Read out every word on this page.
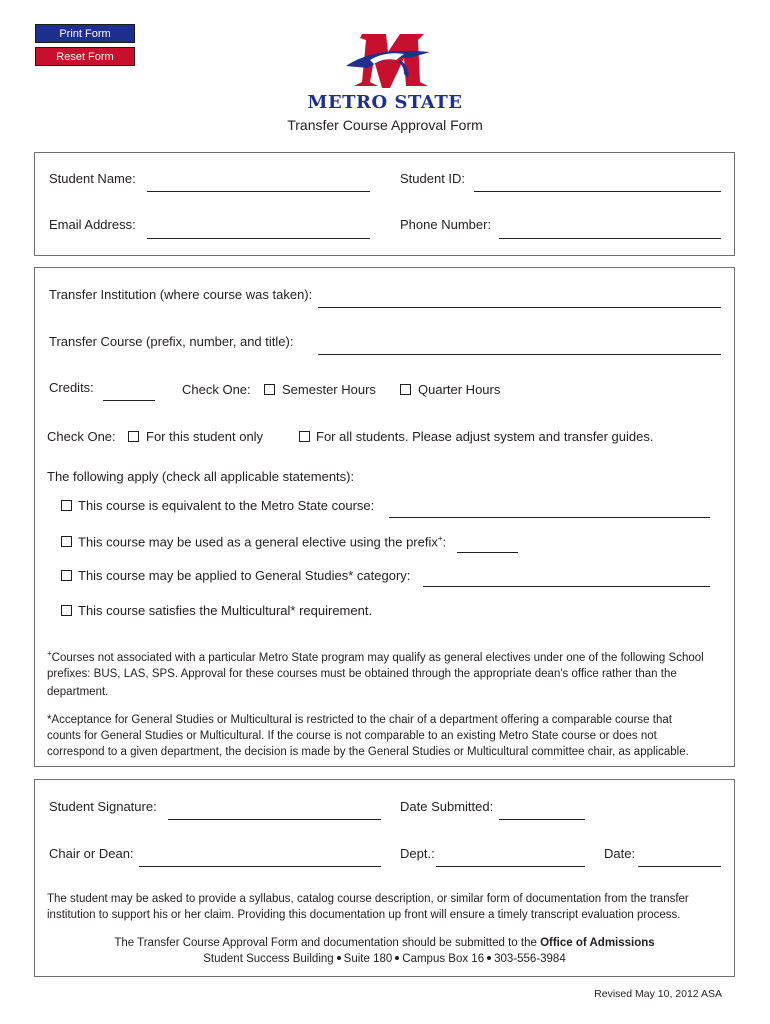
Print Form
Reset Form
METRO STATE
Transfer Course Approval Form
Student Name:	Student ID:
Email Address:	Phone Number:
Transfer Institution (where course was taken):
Transfer Course (prefix, number, and title):
Credits:	Check One: Semester Hours	Quarter Hours
Check One: For this student only	For all students. Please adjust system and transfer guides.
The following apply (check all applicable statements):
This course is equivalent to the Metro State course:
This course may be used as a general elective using the prefix+:
This course may be applied to General Studies* category:
This course satisfies the Multicultural* requirement.
+Courses not associated with a particular Metro State program may qualify as general electives under one of the following School
prefixes: BUS, LAS, SPS. Approval for these courses must be obtained through the appropriate dean's office rather than the
department.
*Acceptance for General Studies or Multicultural is restricted to the chair of a department offering a comparable course that
counts for General Studies or Multicultural. If the course is not comparable to an existing Metro State course or does not
correspond to a given department, the decision is made by the General Studies or Multicultural committee chair, as applicable.
Student Signature:	Date Submitted:
Chair or Dean:	Dept.:	Date:
The student may be asked to provide a syllabus, catalog course description, or similar form of documentation from the transfer
institution to support his or her claim. Providing this documentation up front will ensure a timely transcript evaluation process.
The Transfer Course Approval Form and documentation should be submitted to the Office of Admissions
Student Success Building Suite 180 Campus Box 16 303-556-3984
Revised May 10, 2012 ASA
